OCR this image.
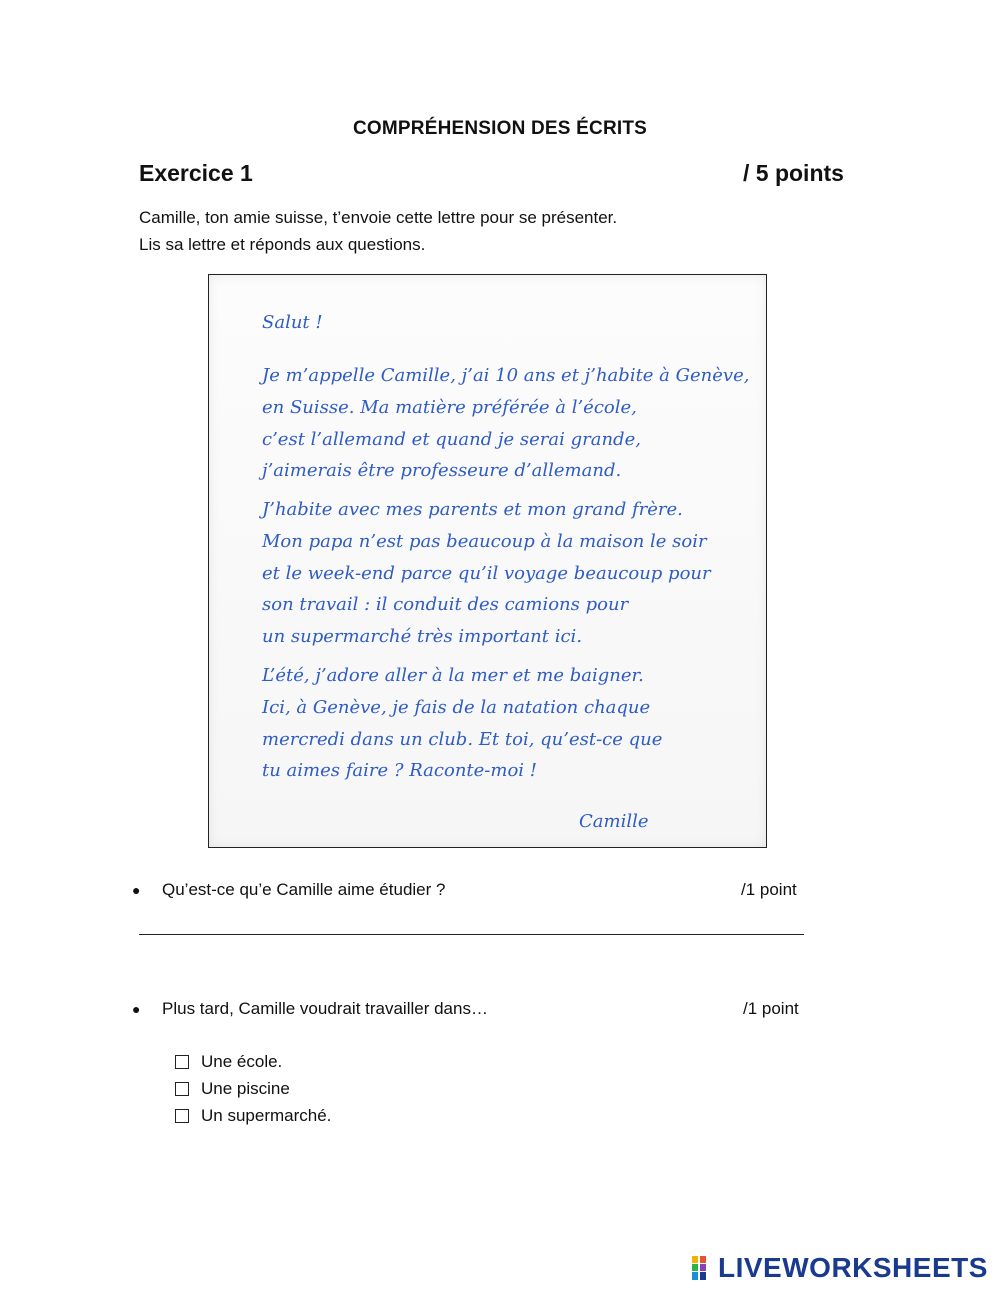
COMPRÉHENSION DES ÉCRITS
Exercice 1	/ 5 points
Camille, ton amie suisse, t’envoie cette lettre pour se présenter.
Lis sa lettre et réponds aux questions.
Salut !
Je m’appelle Camille, j’ai 10 ans et j’habite à Genève,
en Suisse. Ma matière préférée à l’école,
c’est l’allemand et quand je serai grande,
j’aimerais être professeure d’allemand.
J’habite avec mes parents et mon grand frère.
Mon papa n’est pas beaucoup à la maison le soir
et le week-end parce qu’il voyage beaucoup pour
son travail : il conduit des camions pour
un supermarché très important ici.
L’été, j’adore aller à la mer et me baigner.
Ici, à Genève, je fais de la natation chaque
mercredi dans un club. Et toi, qu’est-ce que
tu aimes faire ? Raconte-moi !
Camille
● Qu’est-ce qu’e Camille aime étudier ?	/1 point
● Plus tard, Camille voudrait travailler dans…	/1 point
Une école.
Une piscine
Un supermarché.
LIVEWORKSHEETS
